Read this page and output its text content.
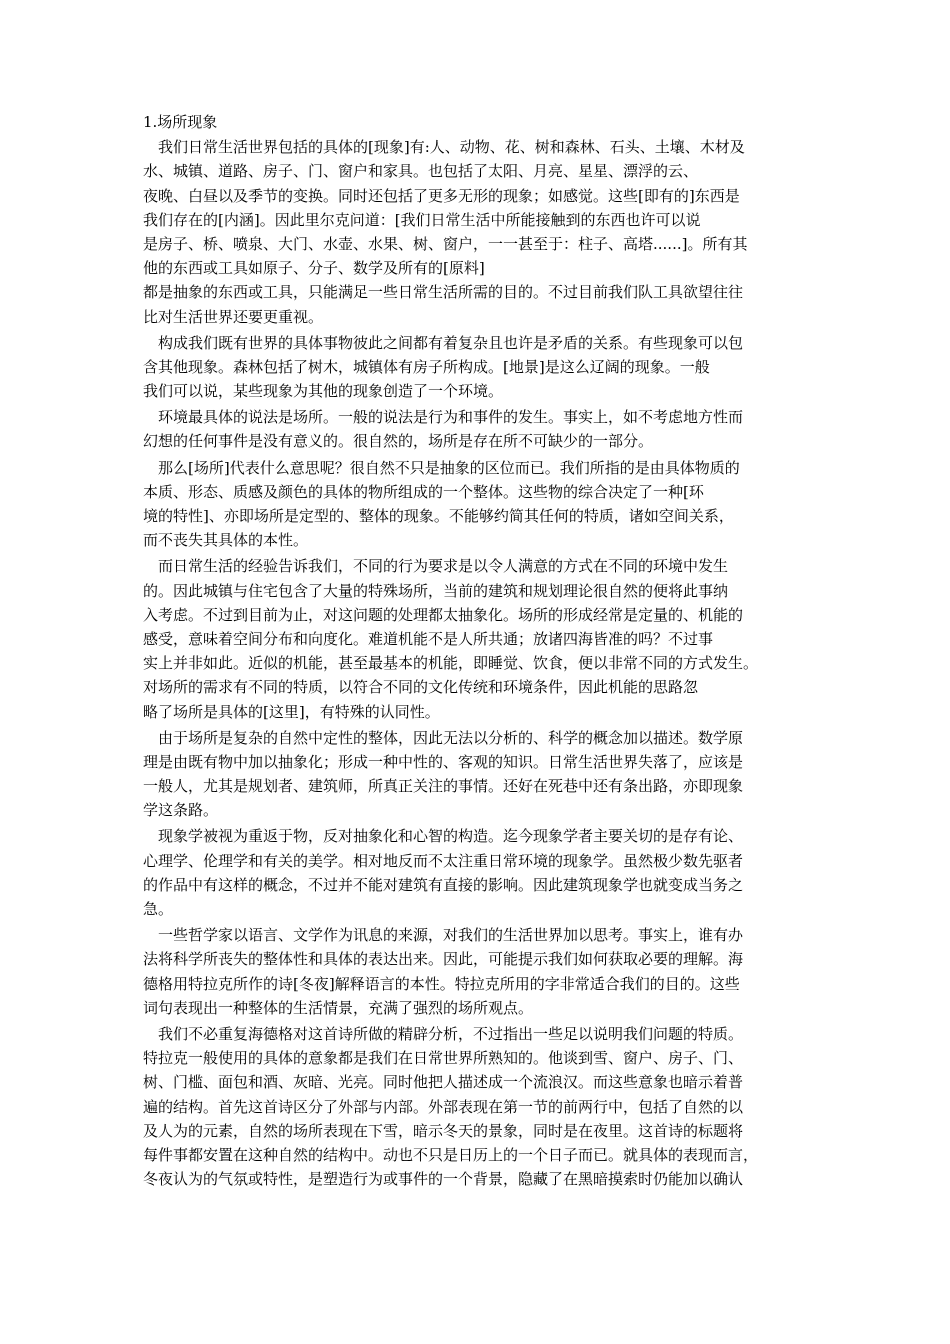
1.场所现象
我们日常生活世界包括的具体的[现象]有:人、动物、花、树和森林、石头、土壤、木材及
水、城镇、道路、房子、门、窗户和家具。也包括了太阳、月亮、星星、漂浮的云、
夜晚、白昼以及季节的变换。同时还包括了更多无形的现象；如感觉。这些[即有的]东西是
我们存在的[内涵]。因此里尔克问道：[我们日常生活中所能接触到的东西也许可以说
是房子、桥、喷泉、大门、水壶、水果、树、窗户，一一甚至于：柱子、高塔......]。所有其
他的东西或工具如原子、分子、数学及所有的[原料]
都是抽象的东西或工具，只能满足一些日常生活所需的目的。不过目前我们队工具欲望往往
比对生活世界还要更重视。
构成我们既有世界的具体事物彼此之间都有着复杂且也许是矛盾的关系。有些现象可以包
含其他现象。森林包括了树木，城镇体有房子所构成。[地景]是这么辽阔的现象。一般
我们可以说，某些现象为其他的现象创造了一个环境。
环境最具体的说法是场所。一般的说法是行为和事件的发生。事实上，如不考虑地方性而
幻想的任何事件是没有意义的。很自然的，场所是存在所不可缺少的一部分。
那么[场所]代表什么意思呢？很自然不只是抽象的区位而已。我们所指的是由具体物质的
本质、形态、质感及颜色的具体的物所组成的一个整体。这些物的综合决定了一种[环
境的特性]、亦即场所是定型的、整体的现象。不能够约简其任何的特质，诸如空间关系，
而不丧失其具体的本性。
而日常生活的经验告诉我们，不同的行为要求是以令人满意的方式在不同的环境中发生
的。因此城镇与住宅包含了大量的特殊场所，当前的建筑和规划理论很自然的便将此事纳
入考虑。不过到目前为止，对这问题的处理都太抽象化。场所的形成经常是定量的、机能的
感受，意味着空间分布和向度化。难道机能不是人所共通；放诸四海皆准的吗？不过事
实上并非如此。近似的机能，甚至最基本的机能，即睡觉、饮食，便以非常不同的方式发生。
对场所的需求有不同的特质，以符合不同的文化传统和环境条件，因此机能的思路忽
略了场所是具体的[这里]，有特殊的认同性。
由于场所是复杂的自然中定性的整体，因此无法以分析的、科学的概念加以描述。数学原
理是由既有物中加以抽象化；形成一种中性的、客观的知识。日常生活世界失落了，应该是
一般人，尤其是规划者、建筑师，所真正关注的事情。还好在死巷中还有条出路，亦即现象
学这条路。
现象学被视为重返于物，反对抽象化和心智的构造。迄今现象学者主要关切的是存有论、
心理学、伦理学和有关的美学。相对地反而不太注重日常环境的现象学。虽然极少数先驱者
的作品中有这样的概念，不过并不能对建筑有直接的影响。因此建筑现象学也就变成当务之
急。
一些哲学家以语言、文学作为讯息的来源，对我们的生活世界加以思考。事实上，谁有办
法将科学所丧失的整体性和具体的表达出来。因此，可能提示我们如何获取必要的理解。海
德格用特拉克所作的诗[冬夜]解释语言的本性。特拉克所用的字非常适合我们的目的。这些
词句表现出一种整体的生活情景，充满了强烈的场所观点。
我们不必重复海德格对这首诗所做的精辟分析，不过指出一些足以说明我们问题的特质。
特拉克一般使用的具体的意象都是我们在日常世界所熟知的。他谈到雪、窗户、房子、门、
树、门槛、面包和酒、灰暗、光亮。同时他把人描述成一个流浪汉。而这些意象也暗示着普
遍的结构。首先这首诗区分了外部与内部。外部表现在第一节的前两行中，包括了自然的以
及人为的元素，自然的场所表现在下雪，暗示冬天的景象，同时是在夜里。这首诗的标题将
每件事都安置在这种自然的结构中。动也不只是日历上的一个日子而已。就具体的表现而言，
冬夜认为的气氛或特性，是塑造行为或事件的一个背景，隐藏了在黑暗摸索时仍能加以确认
